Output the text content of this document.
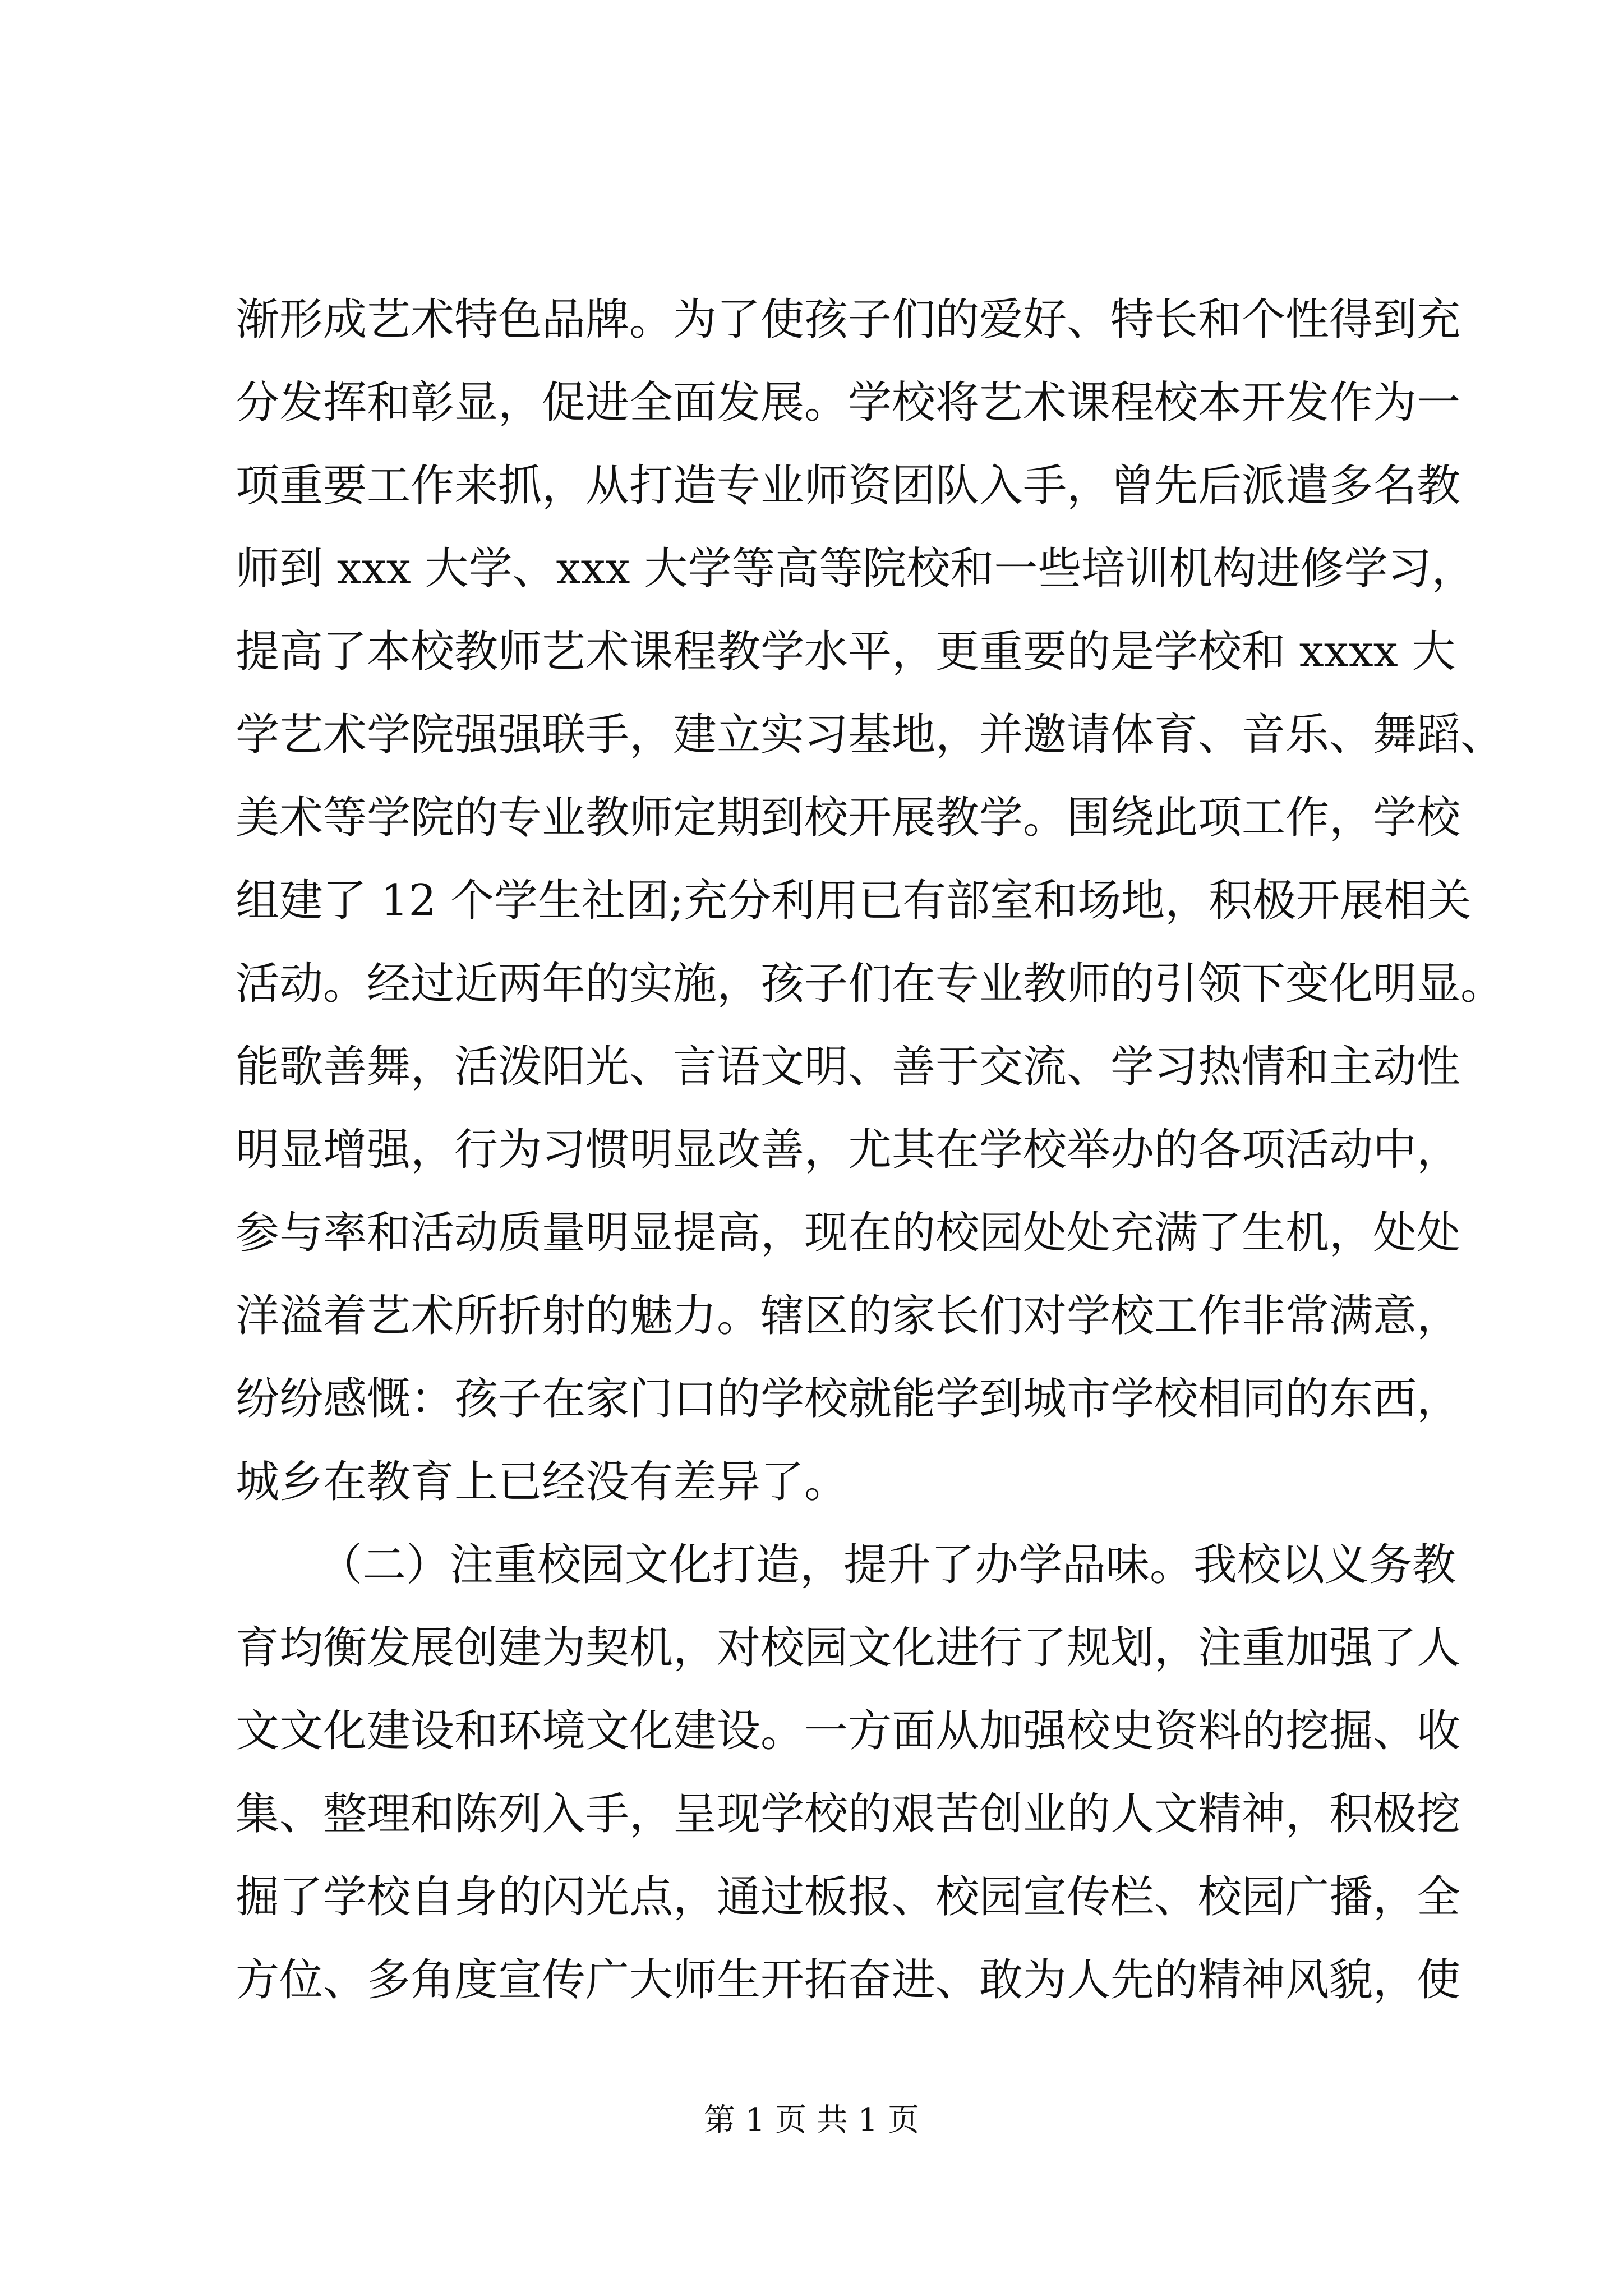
渐形成艺术特色品牌。为了使孩子们的爱好、特长和个性得到充
分发挥和彰显，促进全面发展。学校将艺术课程校本开发作为一
项重要工作来抓，从打造专业师资团队入手，曾先后派遣多名教
师到 xxx 大学、xxx 大学等高等院校和一些培训机构进修学习，
提高了本校教师艺术课程教学水平，更重要的是学校和 xxxx 大
学艺术学院强强联手，建立实习基地，并邀请体育、音乐、舞蹈、
美术等学院的专业教师定期到校开展教学。围绕此项工作，学校
组建了 12 个学生社团;充分利用已有部室和场地，积极开展相关
活动。经过近两年的实施，孩子们在专业教师的引领下变化明显。
能歌善舞，活泼阳光、言语文明、善于交流、学习热情和主动性
明显增强，行为习惯明显改善，尤其在学校举办的各项活动中，
参与率和活动质量明显提高，现在的校园处处充满了生机，处处
洋溢着艺术所折射的魅力。辖区的家长们对学校工作非常满意，
纷纷感慨：孩子在家门口的学校就能学到城市学校相同的东西，
城乡在教育上已经没有差异了。
（二）注重校园文化打造，提升了办学品味。我校以义务教
育均衡发展创建为契机，对校园文化进行了规划，注重加强了人
文文化建设和环境文化建设。一方面从加强校史资料的挖掘、收
集、整理和陈列入手，呈现学校的艰苦创业的人文精神，积极挖
掘了学校自身的闪光点，通过板报、校园宣传栏、校园广播，全
方位、多角度宣传广大师生开拓奋进、敢为人先的精神风貌，使
第 1 页 共 1 页
